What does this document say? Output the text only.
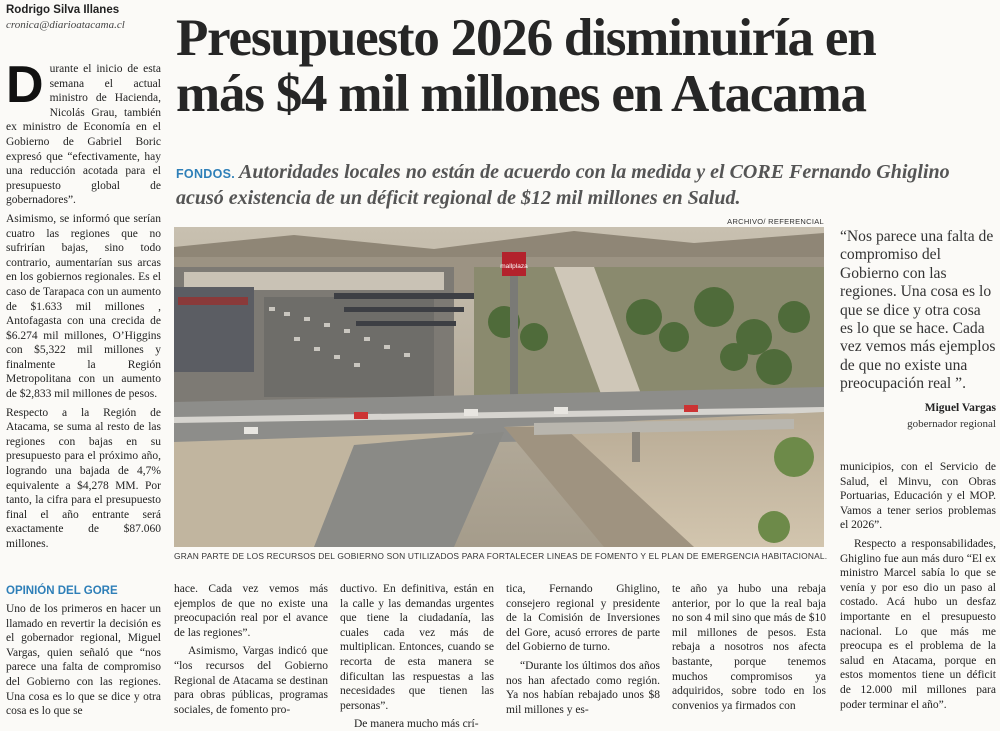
Rodrigo Silva Illanes
cronica@diarioatacama.cl Presupuesto 2026 disminuiría en
más $4 mil millones en Atacama
FONDOS. Autoridades locales no están de acuerdo con la medida y el CORE Fernando Ghiglino acusó existencia de un déficit regional de $12 mil millones en Salud.

Durante el inicio de esta semana el actual ministro de Hacienda, Nicolás Grau, también ex ministro de Economía en el Gobierno de Gabriel Boric expresó que “efectivamente, hay una reducción acotada para el presupuesto global de gobernadores”.

Asimismo, se informó que serían cuatro las regiones que no sufrirían bajas, sino todo contrario, aumentarían sus arcas en los gobiernos regionales. Es el caso de Tarapaca con un aumento de $1.633 mil millones , Antofagasta con una crecida de $6.274 mil millones, O’Higgins con $5,322 mil millones y finalmente la Región Metropolitana con un aumento de $2,833 mil millones de pesos.

Respecto a la Región de Atacama, se suma al resto de las regiones con bajas en su presupuesto para el próximo año, logrando una bajada de 4,7% equivalente a $4,278 MM. Por tanto, la cifra para el presupuesto final el año entrante será exactamente de $87.060 millones.

OPINIÓN DEL GORE

Uno de los primeros en hacer un llamado en revertir la decisión es el gobernador regional, Miguel Vargas, quien señaló que “nos parece una falta de compromiso del Gobierno con las regiones. Una cosa es lo que se dice y otra cosa es lo que se

ARCHIVO/ REFERENCIAL
mallplaza
GRAN PARTE DE LOS RECURSOS DEL GOBIERNO SON UTILIZADOS PARA FORTALECER LINEAS DE FOMENTO Y EL PLAN DE EMERGENCIA HABITACIONAL.
“Nos parece una falta de compromiso del Gobierno con las regiones. Una cosa es lo que se dice y otra cosa es lo que se hace. Cada vez vemos más ejemplos de que no existe una preocupación real ”.
Miguel Vargas
gobernador regional

hace. Cada vez vemos más ejemplos de que no existe una preocupación real por el avance de las regiones”.

Asimismo, Vargas indicó que “los recursos del Gobierno Regional de Atacama se destinan para obras públicas, programas sociales, de fomento pro-

ductivo. En definitiva, están en la calle y las demandas urgentes que tiene la ciudadanía, las cuales cada vez más de multiplican. Entonces, cuando se recorta de esta manera se dificultan las respuestas a las necesidades que tienen las personas”.

De manera mucho más crí-

tica, Fernando Ghiglino, consejero regional y presidente de la Comisión de Inversiones del Gore, acusó errores de parte del Gobierno de turno.

“Durante los últimos dos años nos han afectado como región. Ya nos habían rebajado unos $8 mil millones y es-

te año ya hubo una rebaja anterior, por lo que la real baja no son 4 mil sino que más de $10 mil millones de pesos. Esta rebaja a nosotros nos afecta bastante, porque tenemos muchos compromisos ya adquiridos, sobre todo en los convenios ya firmados con

municipios, con el Servicio de Salud, el Minvu, con Obras Portuarias, Educación y el MOP. Vamos a tener serios problemas el 2026”.

Respecto a responsabilidades, Ghiglino fue aun más duro “El ex ministro Marcel sabía lo que se venía y por eso dio un paso al costado. Acá hubo un desfaz importante en el presupuesto nacional. Lo que más me preocupa es el problema de la salud en Atacama, porque en estos momentos tiene un déficit de 12.000 mil millones para poder terminar el año”.
